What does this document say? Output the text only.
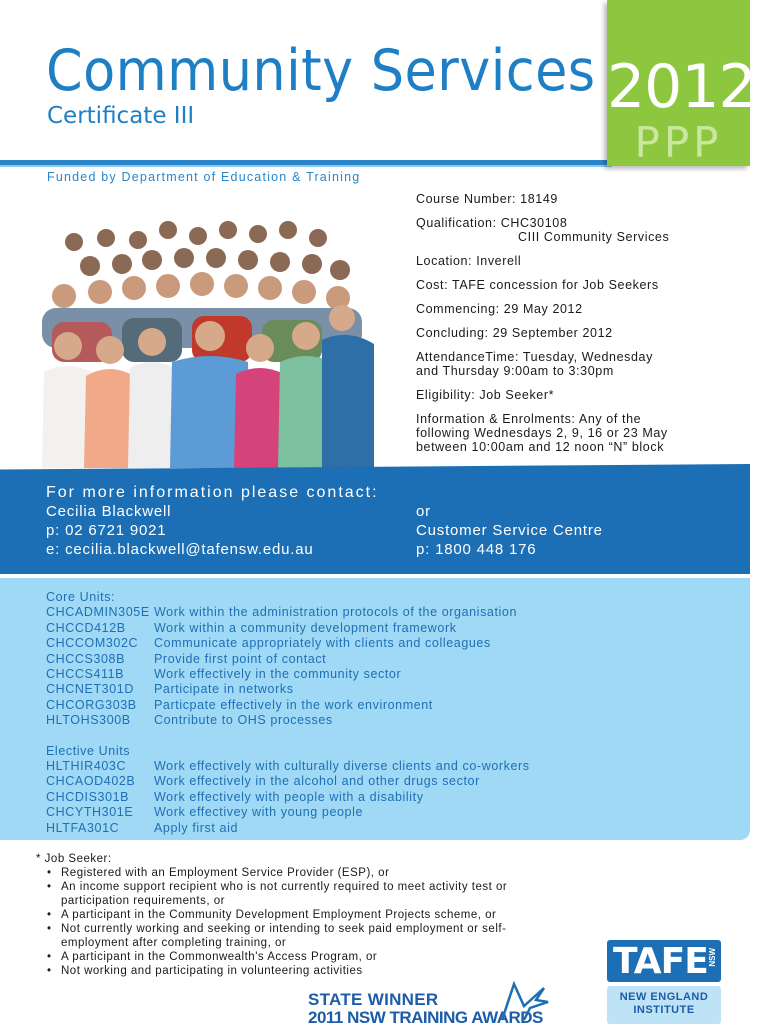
Community Services
Certificate III	2012
PPP
Funded by Department of Education & Training
Course Number: 18149
Qualification: CHC30108
CIII Community Services
Location: Inverell
Cost: TAFE concession for Job Seekers
Commencing: 29 May 2012
Concluding: 29 September 2012
AttendanceTime: Tuesday, Wednesday
and Thursday 9:00am to 3:30pm
Eligibility: Job Seeker*
Information & Enrolments: Any of the
following Wednesdays 2, 9, 16 or 23 May
between 10:00am and 12 noon “N” block
For more information please contact:
Cecilia Blackwell
p: 02 6721 9021
e: cecilia.blackwell@tafensw.edu.au
or
Customer Service Centre
p: 1800 448 176
Core Units:
CHCADMIN305E Work within the administration protocols of the organisation
CHCCD412B	Work within a community development framework
CHCCOM302C	Communicate appropriately with clients and colleagues
CHCCS308B	Provide first point of contact
CHCCS411B	Work effectively in the community sector
CHCNET301D	Participate in networks
CHCORG303B	Particpate effectively in the work environment
HLTOHS300B	Contribute to OHS processes
Elective Units
HLTHIR403C	Work effectively with culturally diverse clients and co-workers
CHCAOD402B	Work effectively in the alcohol and other drugs sector
CHCDIS301B	Work effectively with people with a disability
CHCYTH301E	Work effectivey with young people
HLTFA301C	Apply first aid
* Job Seeker:
• Registered with an Employment Service Provider (ESP), or
• An income support recipient who is not currently required to meet activity test or participation requirements, or
• A participant in the Community Development Employment Projects scheme, or
• Not currently working and seeking or intending to seek paid employment or self-employment after completing training, or
• A participant in the Commonwealth's Access Program, or
• Not working and participating in volunteering activities
STATE WINNER
2011 NSW TRAINING AWARDS
TAFE NSW
NEW ENGLAND
INSTITUTE
